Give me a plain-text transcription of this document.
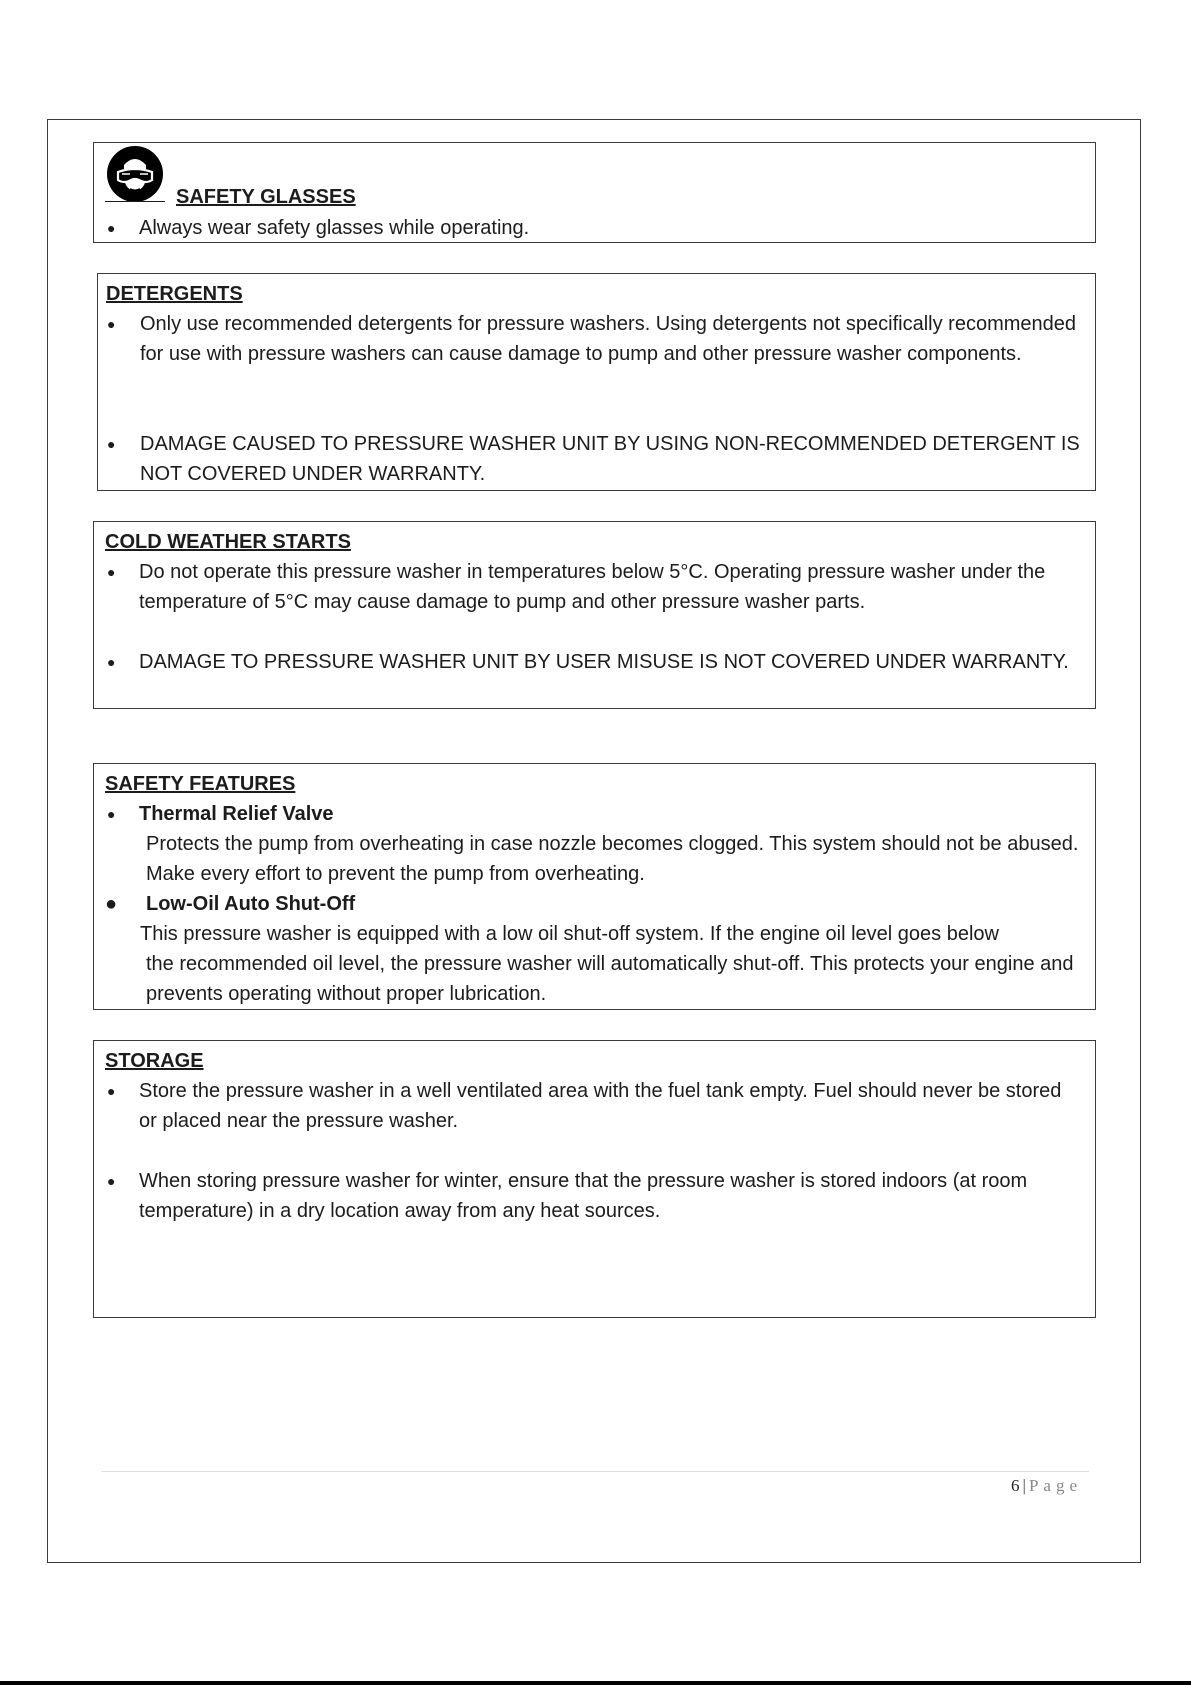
SAFETY GLASSES
● Always wear safety glasses while operating.
DETERGENTS
● Only use recommended detergents for pressure washers. Using detergents not specifically recommended for use with pressure washers can cause damage to pump and other pressure washer components.
● DAMAGE CAUSED TO PRESSURE WASHER UNIT BY USING NON-RECOMMENDED DETERGENT IS NOT COVERED UNDER WARRANTY.
COLD WEATHER STARTS
● Do not operate this pressure washer in temperatures below 5°C. Operating pressure washer under the temperature of 5°C may cause damage to pump and other pressure washer parts.
● DAMAGE TO PRESSURE WASHER UNIT BY USER MISUSE IS NOT COVERED UNDER WARRANTY.
SAFETY FEATURES
● Thermal Relief Valve
Protects the pump from overheating in case nozzle becomes clogged. This system should not be abused. Make every effort to prevent the pump from overheating.
● Low-Oil Auto Shut-Off
This pressure washer is equipped with a low oil shut-off system. If the engine oil level goes below
the recommended oil level, the pressure washer will automatically shut-off. This protects your engine and prevents operating without proper lubrication.
STORAGE
● Store the pressure washer in a well ventilated area with the fuel tank empty. Fuel should never be stored or placed near the pressure washer.
● When storing pressure washer for winter, ensure that the pressure washer is stored indoors (at room temperature) in a dry location away from any heat sources.
6|Page
